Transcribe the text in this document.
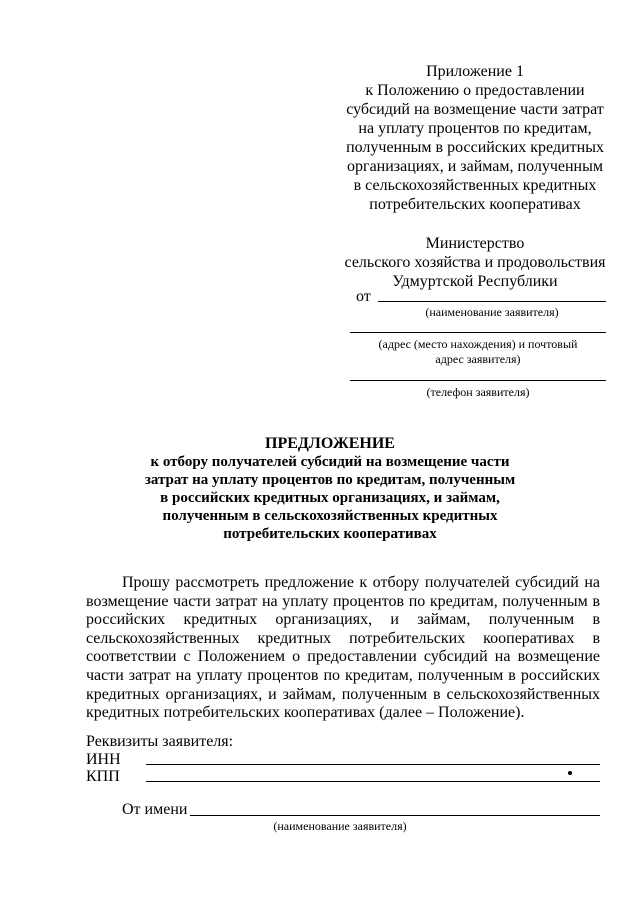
Приложение 1
к Положению о предоставлении
субсидий на возмещение части затрат
на уплату процентов по кредитам,
полученным в российских кредитных
организациях, и займам, полученным
в сельскохозяйственных кредитных
потребительских кооперативах
Министерство
сельского хозяйства и продовольствия
Удмуртской Республики
от
(наименование заявителя)
(адрес (место нахождения) и почтовый
адрес заявителя)
(телефон заявителя)
ПРЕДЛОЖЕНИЕ
к отбору получателей субсидий на возмещение части
затрат на уплату процентов по кредитам, полученным
в российских кредитных организациях, и займам,
полученным в сельскохозяйственных кредитных
потребительских кооперативах
Прошу рассмотреть предложение к отбору получателей субсидий на возмещение части затрат на уплату процентов по кредитам, полученным в российских кредитных организациях, и займам, полученным в сельскохозяйственных кредитных потребительских кооперативах в соответствии с Положением о предоставлении субсидий на возмещение части затрат на уплату процентов по кредитам, полученным в российских кредитных организациях, и займам, полученным в сельскохозяйственных кредитных потребительских кооперативах (далее – Положение).
Реквизиты заявителя:
ИНН
КПП
От имени
(наименование заявителя)
